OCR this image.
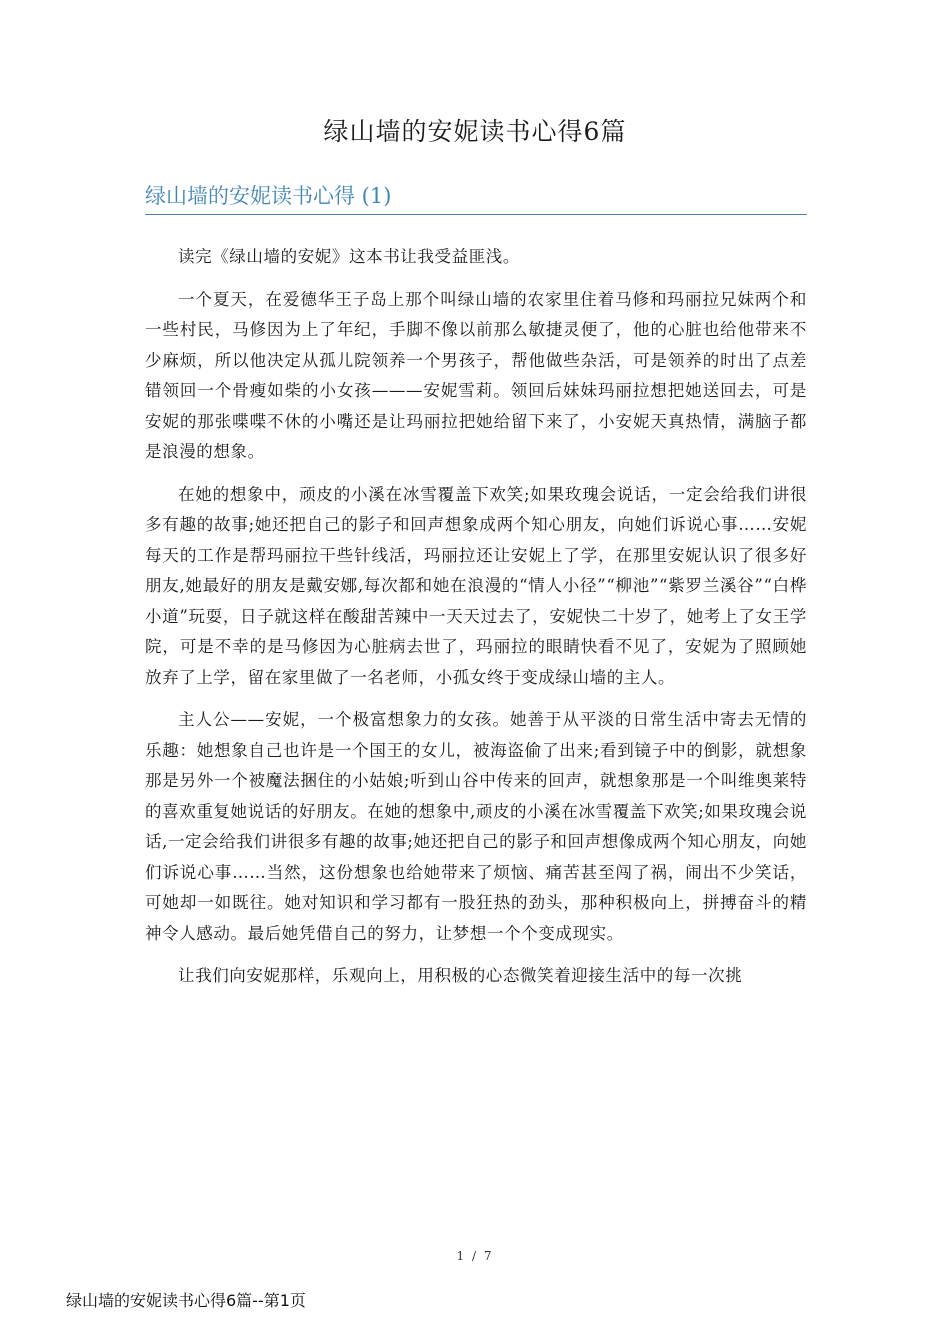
绿山墙的安妮读书心得6篇
绿山墙的安妮读书心得 (1)

读完《绿山墙的安妮》这本书让我受益匪浅。

一个夏天，在爱德华王子岛上那个叫绿山墙的农家里住着马修和玛丽拉兄妹两个和一些村民，马修因为上了年纪，手脚不像以前那么敏捷灵便了，他的心脏也给他带来不少麻烦，所以他决定从孤儿院领养一个男孩子，帮他做些杂活，可是领养的时出了点差错领回一个骨瘦如柴的小女孩———安妮雪莉。领回后妹妹玛丽拉想把她送回去，可是安妮的那张喋喋不休的小嘴还是让玛丽拉把她给留下来了，小安妮天真热情，满脑子都是浪漫的想象。

在她的想象中，顽皮的小溪在冰雪覆盖下欢笑;如果玫瑰会说话，一定会给我们讲很多有趣的故事;她还把自己的影子和回声想象成两个知心朋友，向她们诉说心事……安妮每天的工作是帮玛丽拉干些针线活，玛丽拉还让安妮上了学，在那里安妮认识了很多好朋友,她最好的朋友是戴安娜,每次都和她在浪漫的“情人小径”“柳池”“紫罗兰溪谷”“白桦小道”玩耍，日子就这样在酸甜苦辣中一天天过去了，安妮快二十岁了，她考上了女王学院，可是不幸的是马修因为心脏病去世了，玛丽拉的眼睛快看不见了，安妮为了照顾她放弃了上学，留在家里做了一名老师，小孤女终于变成绿山墙的主人。

主人公——安妮，一个极富想象力的女孩。她善于从平淡的日常生活中寄去无情的乐趣：她想象自己也许是一个国王的女儿，被海盗偷了出来;看到镜子中的倒影，就想象那是另外一个被魔法捆住的小姑娘;听到山谷中传来的回声，就想象那是一个叫维奥莱特的喜欢重复她说话的好朋友。在她的想象中,顽皮的小溪在冰雪覆盖下欢笑;如果玫瑰会说话,一定会给我们讲很多有趣的故事;她还把自己的影子和回声想像成两个知心朋友，向她们诉说心事……当然，这份想象也给她带来了烦恼、痛苦甚至闯了祸，闹出不少笑话，可她却一如既往。她对知识和学习都有一股狂热的劲头，那种积极向上，拼搏奋斗的精神令人感动。最后她凭借自己的努力，让梦想一个个变成现实。

让我们向安妮那样，乐观向上，用积极的心态微笑着迎接生活中的每一次挑

1 / 7
绿山墙的安妮读书心得6篇--第1页
